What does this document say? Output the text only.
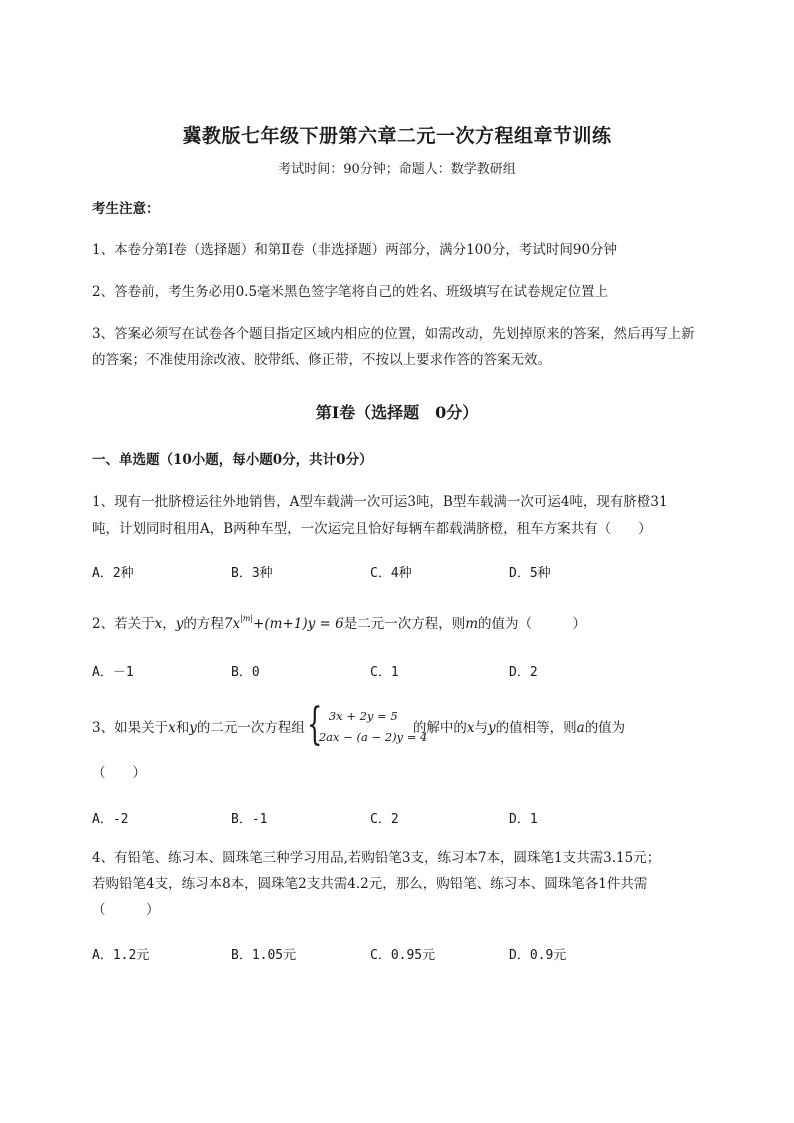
冀教版七年级下册第六章二元一次方程组章节训练
考试时间：90分钟；命题人：数学教研组
考生注意：
1、本卷分第Ⅰ卷（选择题）和第Ⅱ卷（非选择题）两部分，满分100分，考试时间90分钟
2、答卷前，考生务必用0.5毫米黑色签字笔将自己的姓名、班级填写在试卷规定位置上
3、答案必须写在试卷各个题目指定区域内相应的位置，如需改动，先划掉原来的答案，然后再写上新
的答案；不准使用涂改液、胶带纸、修正带，不按以上要求作答的答案无效。
第Ⅰ卷（选择题　0分）
一、单选题（10小题，每小题0分，共计0分）
1、现有一批脐橙运往外地销售，A型车载满一次可运3吨，B型车载满一次可运4吨，现有脐橙31
吨，计划同时租用A，B两种车型，一次运完且恰好每辆车都载满脐橙，租车方案共有（　　）
A．2种	B．3种	C．4种	D．5种
2、若关于x，y的方程$7x^{|m|}+(m+1)y = 6$是二元一次方程，则m的值为（　　　）
A．－1	B．0	C．1	D．2
3、如果关于x和y的二元一次方程组 { 3x + 2y = 5
2ax − (a − 2)y = 4
的解中的x与y的值相等，则a的值为
（　　）
A．-2	B．-1	C．2	D．1
4、有铅笔、练习本、圆珠笔三种学习用品,若购铅笔3支，练习本7本，圆珠笔1支共需3.15元；
若购铅笔4支，练习本8本，圆珠笔2支共需4.2元，那么，购铅笔、练习本、圆珠笔各1件共需
（　　　）
A．1.2元	B．1.05元	C．0.95元	D．0.9元
